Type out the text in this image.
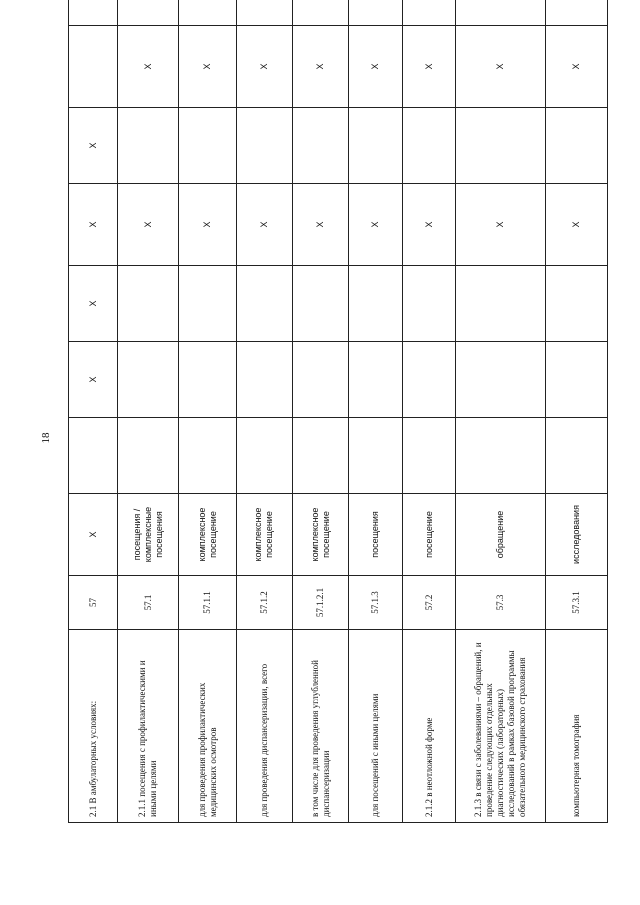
18
2.1 В амбулаторных условиях:	57	X		X	X	X	X				
2.1.1 посещения с профилактическими и иными целями	57.1	посещения / комплексные посещения				X		X			
для проведения профилактических медицинских осмотров	57.1.1	комплексное посещение				X		X			
для проведения диспансеризации, всего	57.1.2	комплексное посещение				X		X			
в том числе для проведения углубленной диспансеризации	57.1.2.1	комплексное посещение				X		X			
для посещений с иными целями	57.1.3	посещения				X		X			
2.1.2 в неотложной форме	57.2	посещение				X		X			
2.1.3 в связи с заболеваниями – обращений, и проведение следующих отдельных диагностических (лабораторных) исследований в рамках базовой программы обязательного медицинского страхования	57.3	обращение				X		X			
компьютерная томография	57.3.1	исследования				X		X			
